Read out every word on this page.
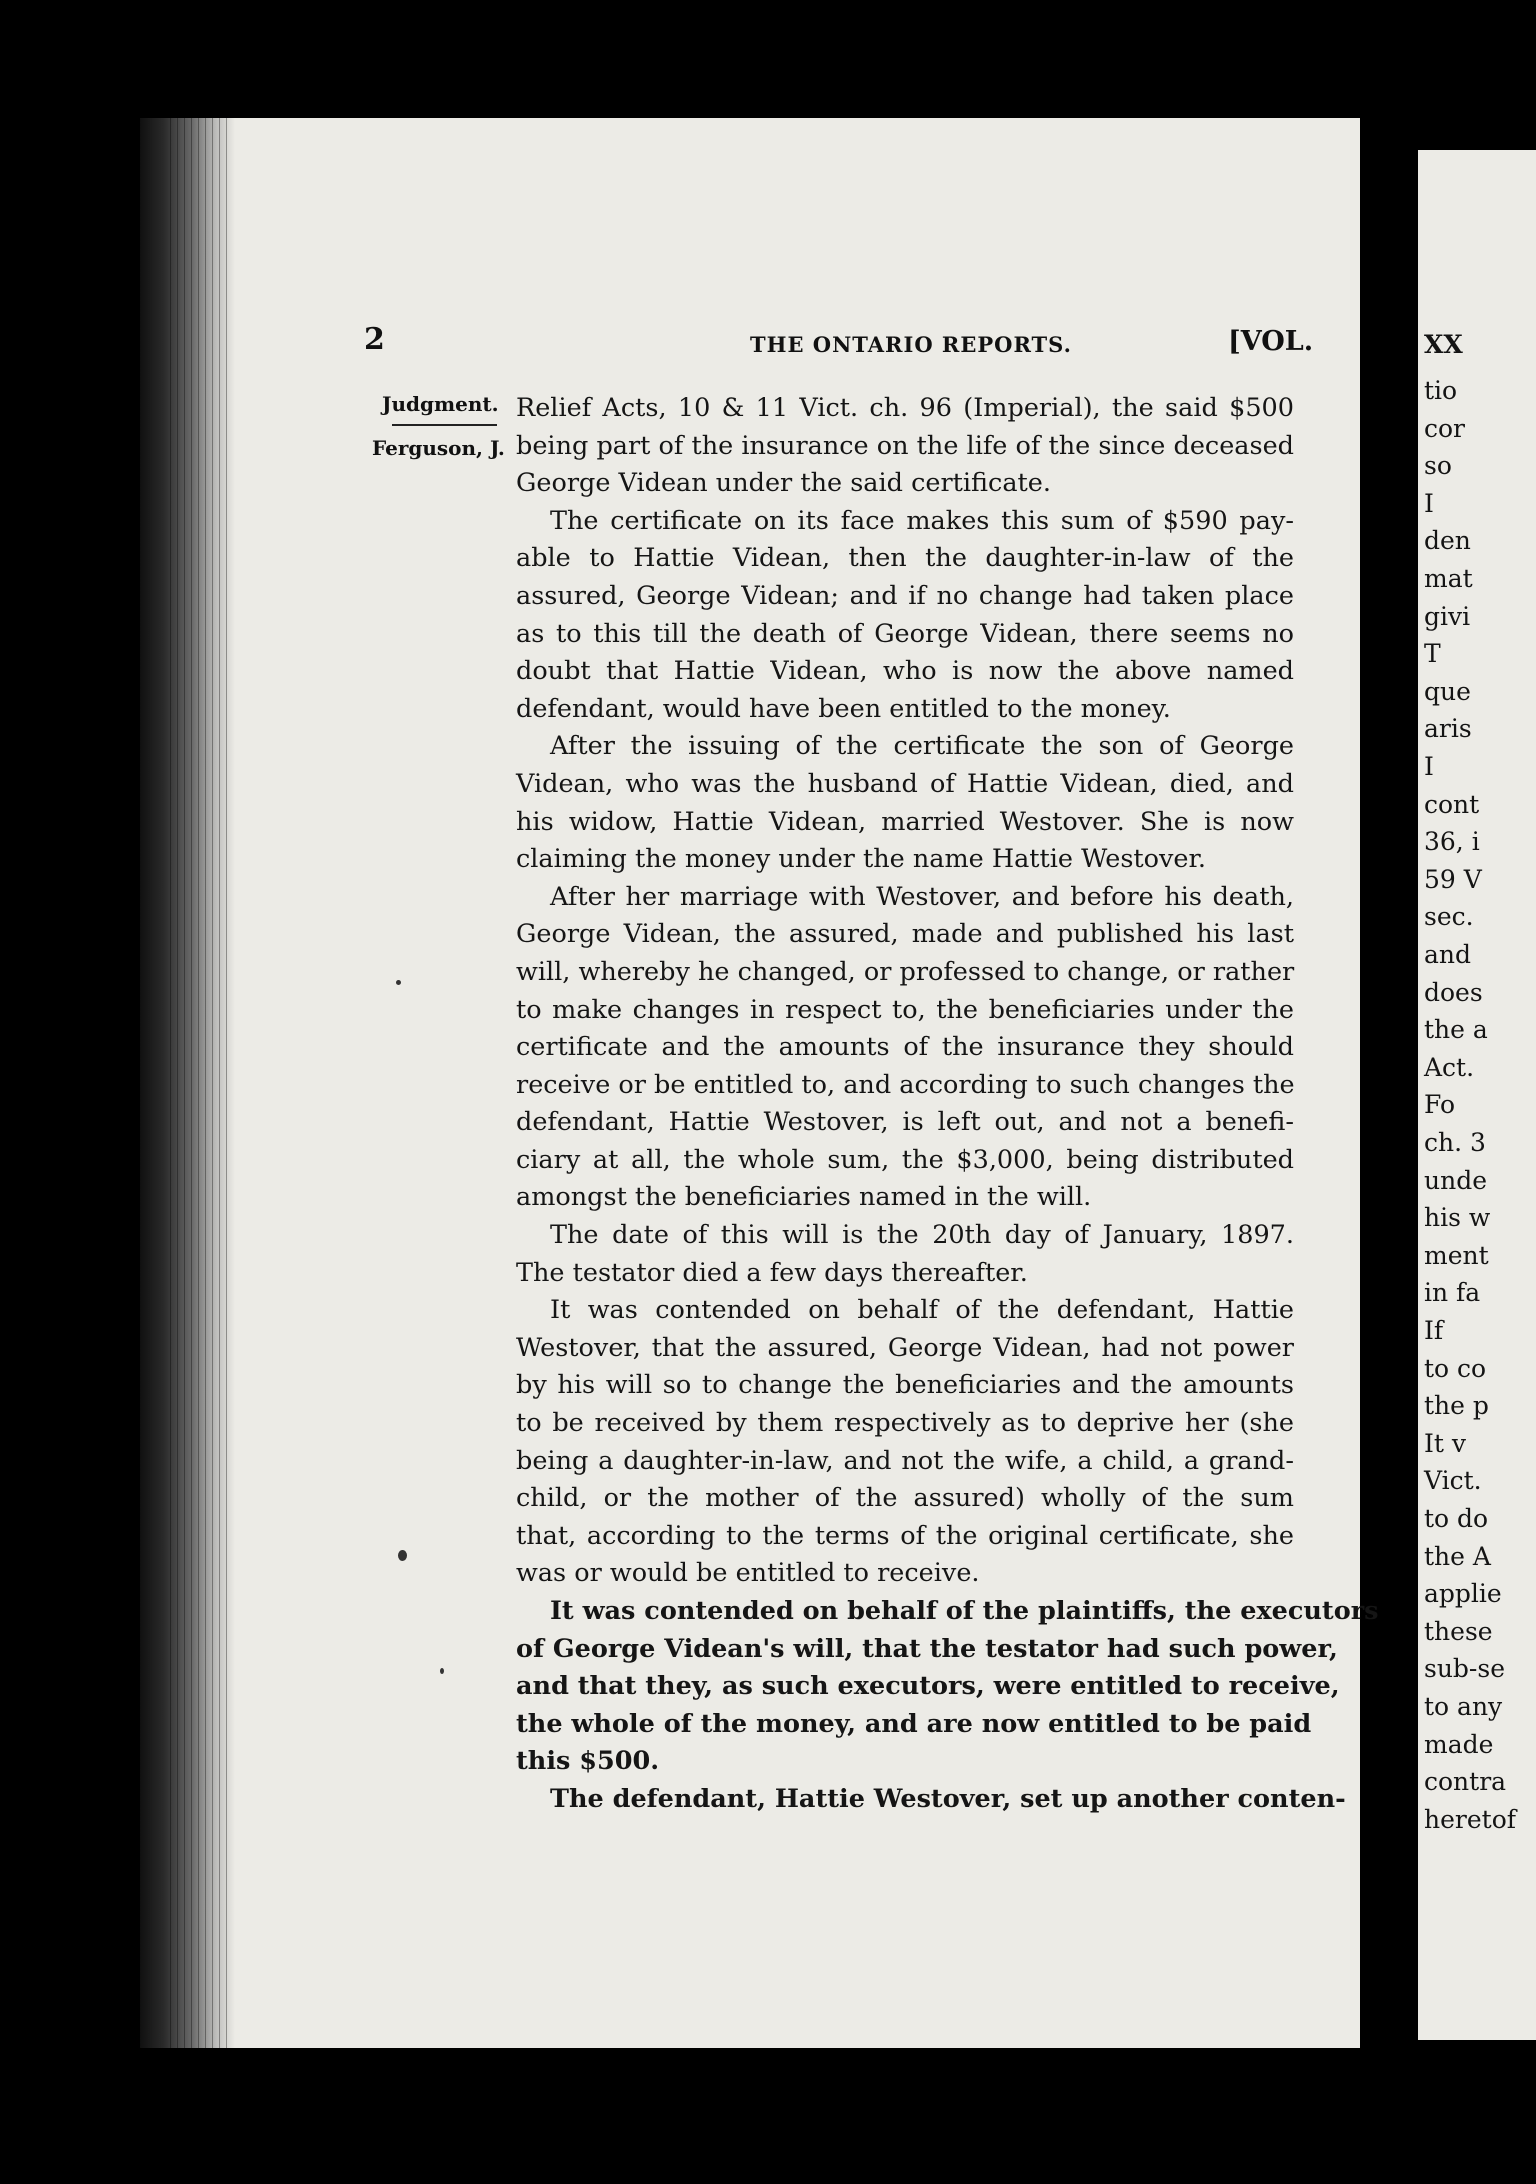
XX
tio
cor
so
I
den
mat
givi
T
que
aris
I
cont
36, i
59 V
sec.
and
does
the a
Act.
Fo
ch. 3
unde
his w
ment
in fa
If
to co
the p
It v
Vict.
to do
the A
applie
these
sub-se
to any
made
contra
heretof
2	THE ONTARIO REPORTS.	[VOL.
Judgment.
Ferguson, J.
Relief Acts, 10 & 11 Vict. ch. 96 (Imperial), the said $500
being part of the insurance on the life of the since deceased
George Videan under the said certificate.
The certificate on its face makes this sum of $590 pay-
able to Hattie Videan, then the daughter-in-law of the
assured, George Videan; and if no change had taken place
as to this till the death of George Videan, there seems no
doubt that Hattie Videan, who is now the above named
defendant, would have been entitled to the money.
After the issuing of the certificate the son of George
Videan, who was the husband of Hattie Videan, died, and
his widow, Hattie Videan, married Westover. She is now
claiming the money under the name Hattie Westover.
After her marriage with Westover, and before his death,
George Videan, the assured, made and published his last
will, whereby he changed, or professed to change, or rather
to make changes in respect to, the beneficiaries under the
certificate and the amounts of the insurance they should
receive or be entitled to, and according to such changes the
defendant, Hattie Westover, is left out, and not a benefi-
ciary at all, the whole sum, the $3,000, being distributed
amongst the beneficiaries named in the will.
The date of this will is the 20th day of January, 1897.
The testator died a few days thereafter.
It was contended on behalf of the defendant, Hattie
Westover, that the assured, George Videan, had not power
by his will so to change the beneficiaries and the amounts
to be received by them respectively as to deprive her (she
being a daughter-in-law, and not the wife, a child, a grand-
child, or the mother of the assured) wholly of the sum
that, according to the terms of the original certificate, she
was or would be entitled to receive.
It was contended on behalf of the plaintiffs, the executors
of George Videan's will, that the testator had such power,
and that they, as such executors, were entitled to receive,
the whole of the money, and are now entitled to be paid
this $500.
The defendant, Hattie Westover, set up another conten-
